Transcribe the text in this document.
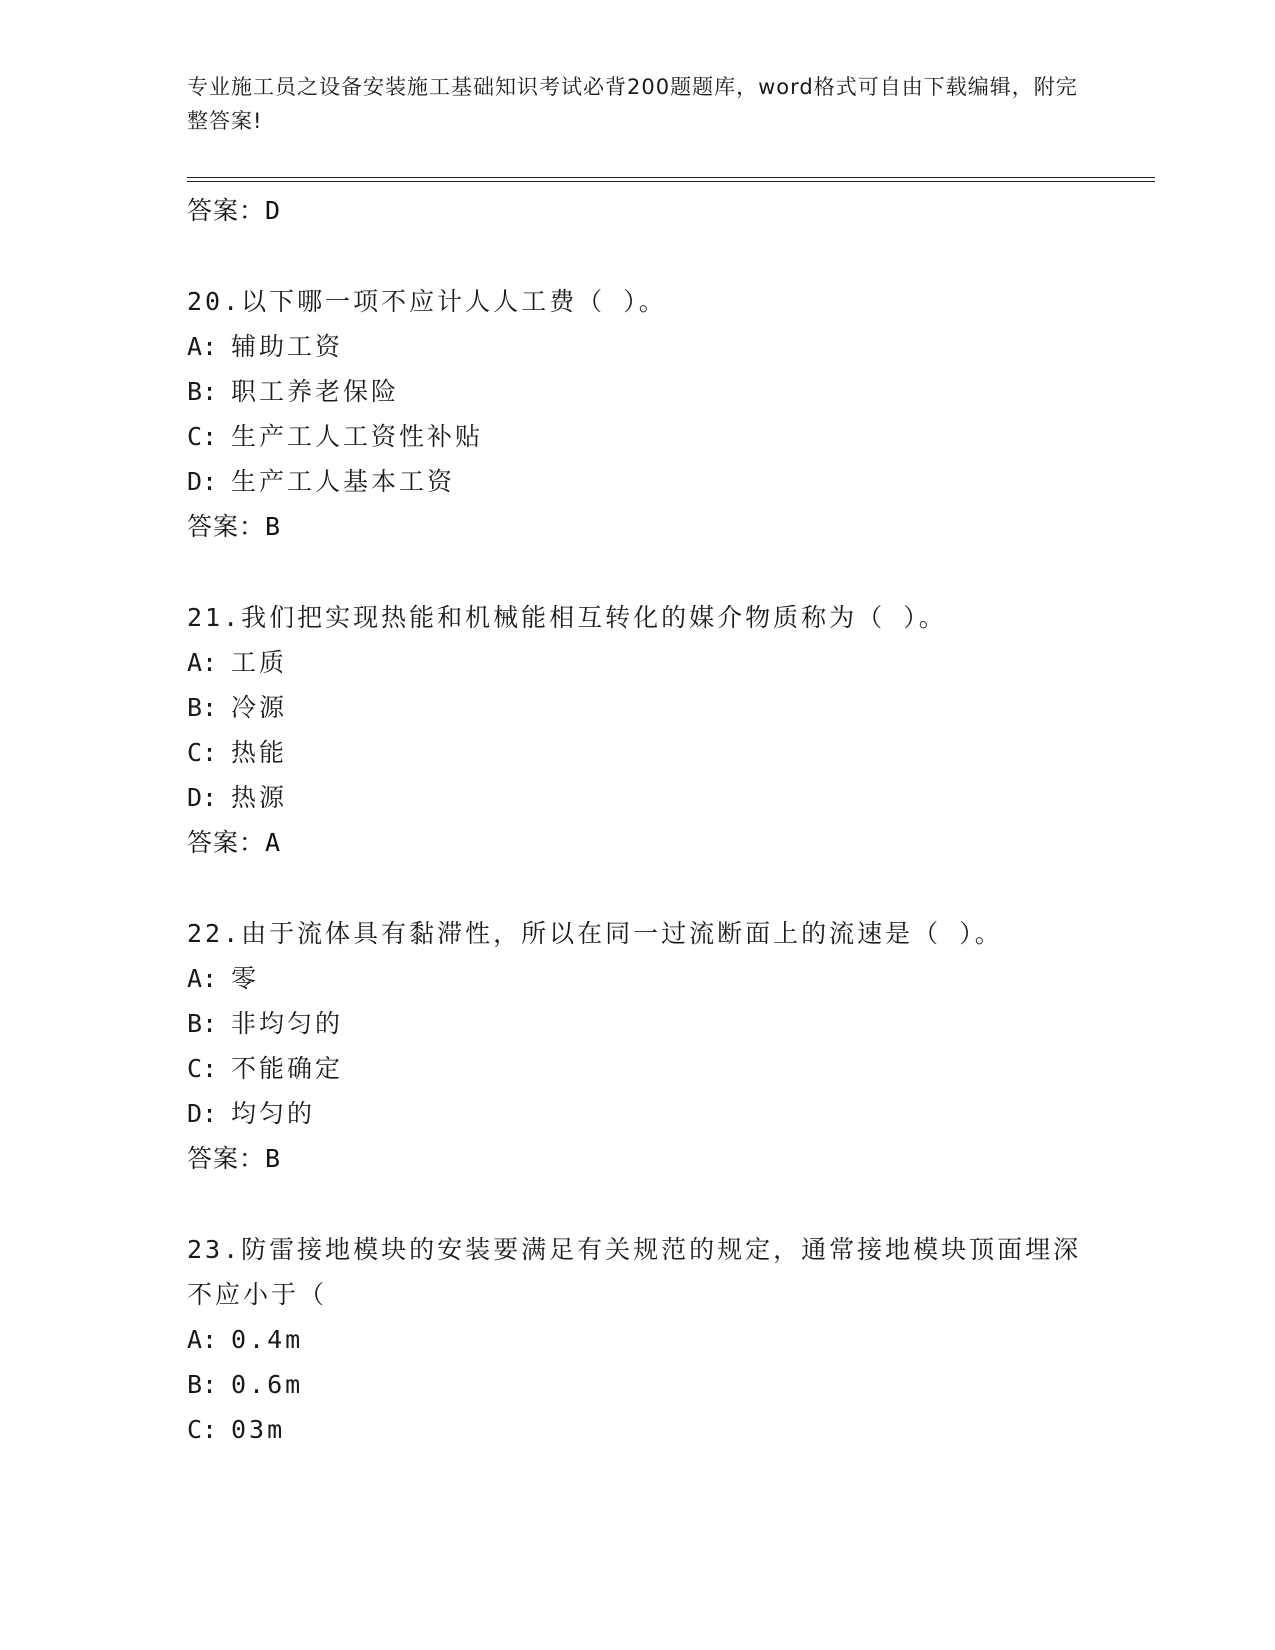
专业施工员之设备安装施工基础知识考试必背200题题库，word格式可自由下载编辑，附完整答案!
答案：D
20.以下哪一项不应计人人工费（ ）。
A: 辅助工资
B: 职工养老保险
C: 生产工人工资性补贴
D: 生产工人基本工资
答案：B
21.我们把实现热能和机械能相互转化的媒介物质称为（ ）。
A: 工质
B: 冷源
C: 热能
D: 热源
答案：A
22.由于流体具有黏滞性，所以在同一过流断面上的流速是（ ）。
A: 零
B: 非均匀的
C: 不能确定
D: 均匀的
答案：B
23.防雷接地模块的安装要满足有关规范的规定，通常接地模块顶面埋深不应小于（
A: 0.4m
B: 0.6m
C: 03m
